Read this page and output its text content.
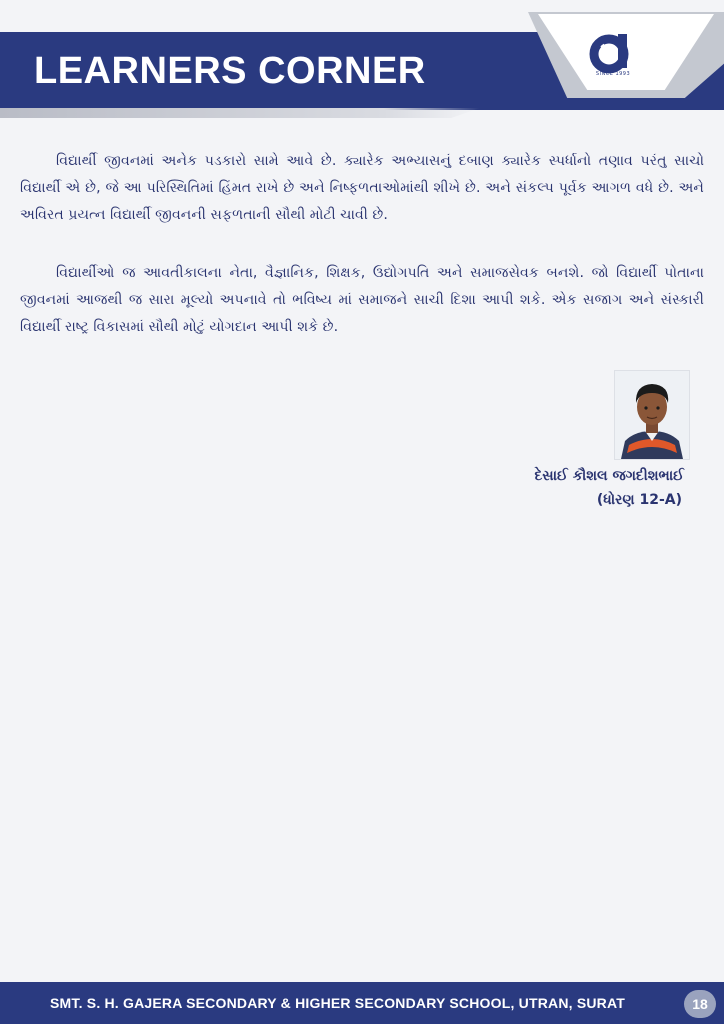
LEARNERS CORNER	SINCE 1993

વિદ્યાર્થી જીવનમાં અનેક પડકારો સામે આવે છે. ક્યારેક અભ્યાસનું દબાણ ક્યારેક સ્પર્ધાનો તણાવ પરંતુ સાચો વિદ્યાર્થી એ છે, જે આ પરિસ્થિતિમાં હિંમત રાખે છે અને નિષ્ફળતાઓમાંથી શીખે છે. અને સંકલ્પ પૂર્વક આગળ વધે છે. અને અવિરત પ્રયત્ન વિદ્યાર્થી જીવનની સફળતાની સૌથી મોટી ચાવી છે.

વિદ્યાર્થીઓ જ આવતીકાલના નેતા, વૈજ્ઞાનિક, શિક્ષક, ઉદ્યોગપતિ અને સમાજસેવક બનશે. જો વિદ્યાર્થી પોતાના જીવનમાં આજથી જ સારા મૂલ્યો અપનાવે તો ભવિષ્ય માં સમાજને સાચી દિશા આપી શકે. એક સજાગ અને સંસ્કારી વિદ્યાર્થી રાષ્ટ્ર વિકાસમાં સૌથી મોટું યોગદાન આપી શકે છે.

દેસાઈ કૌશલ જગદીશભાઈ
(ધોરણ 12-A)
SMT. S. H. GAJERA SECONDARY & HIGHER SECONDARY SCHOOL, UTRAN, SURAT	18
